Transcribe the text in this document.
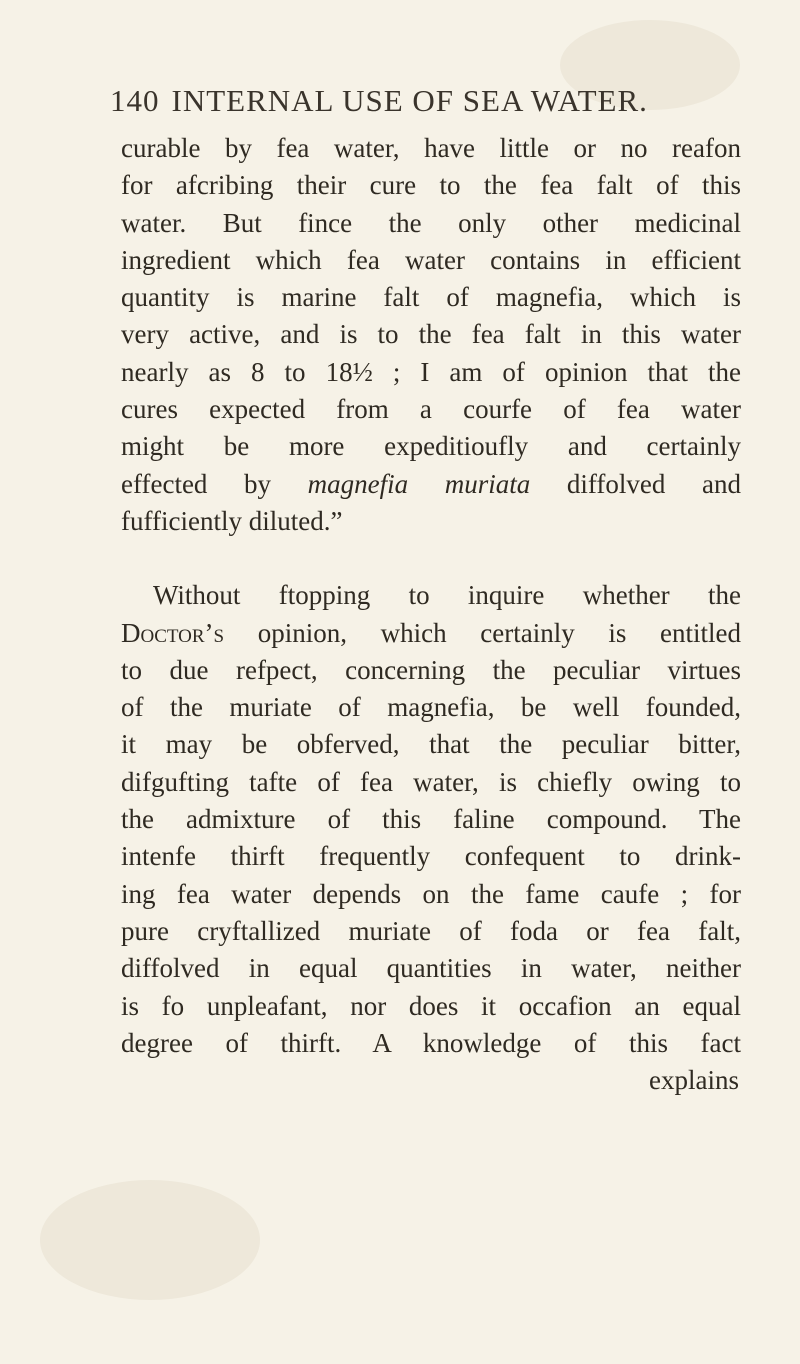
140 INTERNAL USE OF SEA WATER.
curable by fea water, have little or no reafon
for afcribing their cure to the fea falt of this
water. But fince the only other medicinal
ingredient which fea water contains in efficient
quantity is marine falt of magnefia, which is
very active, and is to the fea falt in this water
nearly as 8 to 18½ ; I am of opinion that the
cures expected from a courfe of fea water
might be more expeditioufly and certainly
effected by magnefia muriata diffolved and
fufficiently diluted.”
Without ftopping to inquire whether the
Doctor’s opinion, which certainly is entitled
to due refpect, concerning the peculiar virtues
of the muriate of magnefia, be well founded,
it may be obferved, that the peculiar bitter,
difgufting tafte of fea water, is chiefly owing to
the admixture of this faline compound. The
intenfe thirft frequently confequent to drink-
ing fea water depends on the fame caufe ; for
pure cryftallized muriate of foda or fea falt,
diffolved in equal quantities in water, neither
is fo unpleafant, nor does it occafion an equal
degree of thirft. A knowledge of this fact
explains
